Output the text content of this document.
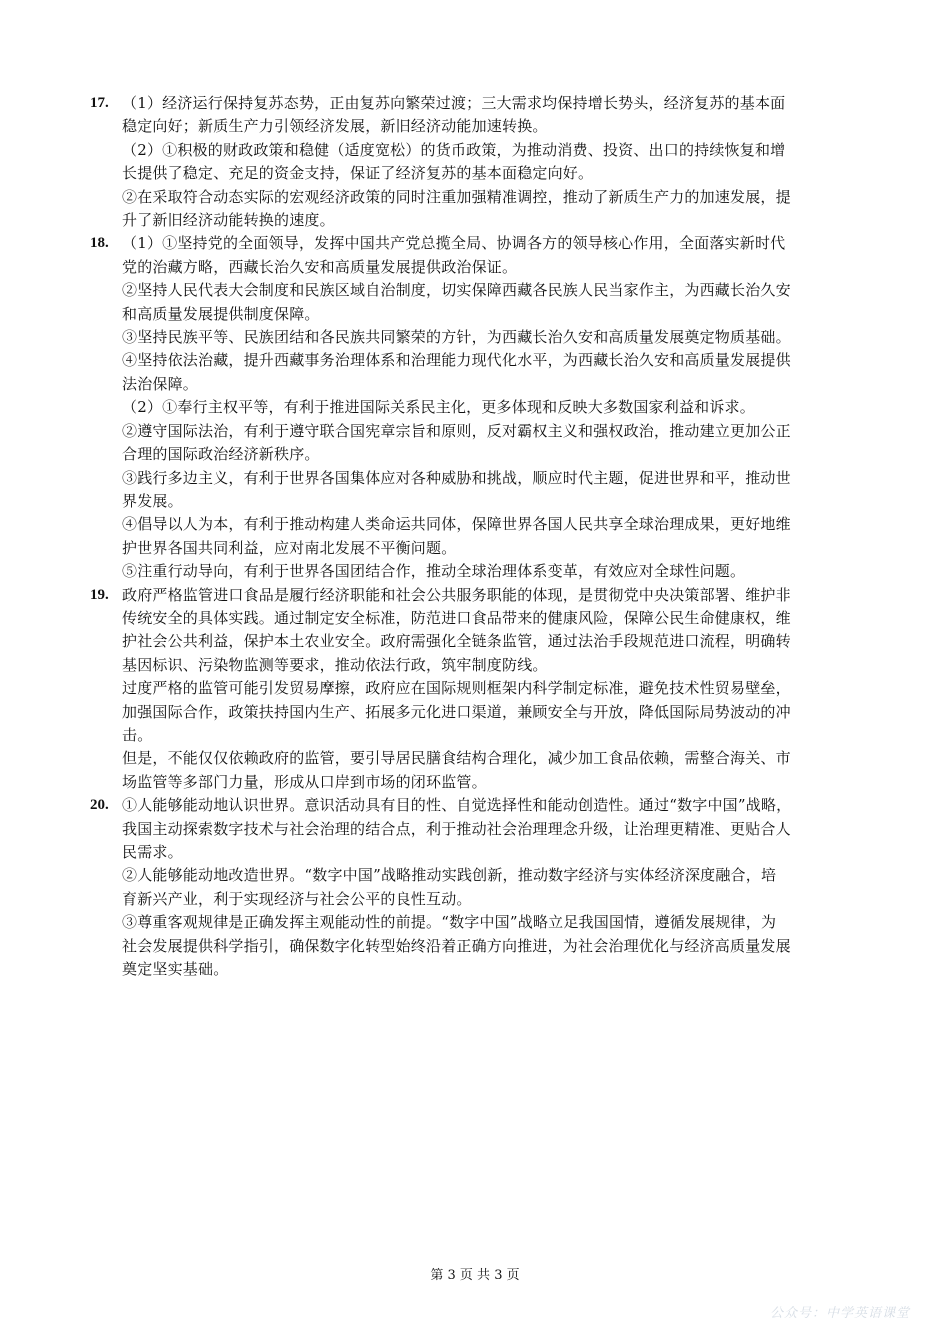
17. （1）经济运行保持复苏态势，正由复苏向繁荣过渡；三大需求均保持增长势头，经济复苏的基本面
稳定向好；新质生产力引领经济发展，新旧经济动能加速转换。
（2）①积极的财政政策和稳健（适度宽松）的货币政策，为推动消费、投资、出口的持续恢复和增
长提供了稳定、充足的资金支持，保证了经济复苏的基本面稳定向好。
②在采取符合动态实际的宏观经济政策的同时注重加强精准调控，推动了新质生产力的加速发展，提
升了新旧经济动能转换的速度。
18. （1）①坚持党的全面领导，发挥中国共产党总揽全局、协调各方的领导核心作用，全面落实新时代
党的治藏方略，西藏长治久安和高质量发展提供政治保证。
②坚持人民代表大会制度和民族区域自治制度，切实保障西藏各民族人民当家作主，为西藏长治久安
和高质量发展提供制度保障。
③坚持民族平等、民族团结和各民族共同繁荣的方针，为西藏长治久安和高质量发展奠定物质基础。
④坚持依法治藏，提升西藏事务治理体系和治理能力现代化水平，为西藏长治久安和高质量发展提供
法治保障。
（2）①奉行主权平等，有利于推进国际关系民主化，更多体现和反映大多数国家利益和诉求。
②遵守国际法治，有利于遵守联合国宪章宗旨和原则，反对霸权主义和强权政治，推动建立更加公正
合理的国际政治经济新秩序。
③践行多边主义，有利于世界各国集体应对各种威胁和挑战，顺应时代主题，促进世界和平，推动世
界发展。
④倡导以人为本，有利于推动构建人类命运共同体，保障世界各国人民共享全球治理成果，更好地维
护世界各国共同利益，应对南北发展不平衡问题。
⑤注重行动导向，有利于世界各国团结合作，推动全球治理体系变革，有效应对全球性问题。
19. 政府严格监管进口食品是履行经济职能和社会公共服务职能的体现，是贯彻党中央决策部署、维护非
传统安全的具体实践。通过制定安全标准，防范进口食品带来的健康风险，保障公民生命健康权，维
护社会公共利益，保护本土农业安全。政府需强化全链条监管，通过法治手段规范进口流程，明确转
基因标识、污染物监测等要求，推动依法行政，筑牢制度防线。
过度严格的监管可能引发贸易摩擦，政府应在国际规则框架内科学制定标准，避免技术性贸易壁垒，
加强国际合作，政策扶持国内生产、拓展多元化进口渠道，兼顾安全与开放，降低国际局势波动的冲
击。
但是，不能仅仅依赖政府的监管，要引导居民膳食结构合理化，减少加工食品依赖，需整合海关、市
场监管等多部门力量，形成从口岸到市场的闭环监管。
20. ①人能够能动地认识世界。意识活动具有目的性、自觉选择性和能动创造性。通过“数字中国”战略，
我国主动探索数字技术与社会治理的结合点，利于推动社会治理理念升级，让治理更精准、更贴合人
民需求。
②人能够能动地改造世界。“数字中国”战略推动实践创新，推动数字经济与实体经济深度融合，培
育新兴产业，利于实现经济与社会公平的良性互动。
③尊重客观规律是正确发挥主观能动性的前提。“数字中国”战略立足我国国情，遵循发展规律，为
社会发展提供科学指引，确保数字化转型始终沿着正确方向推进，为社会治理优化与经济高质量发展
奠定坚实基础。
第 3 页 共 3 页
公众号：中学英语课堂
